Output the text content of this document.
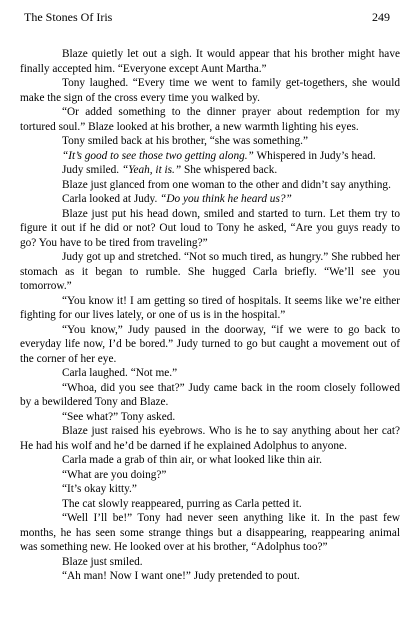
The Stones Of Iris	249

Blaze quietly let out a sigh. It would appear that his brother might have finally accepted him. “Everyone except Aunt Martha.”

Tony laughed. “Every time we went to family get-togethers, she would make the sign of the cross every time you walked by.

“Or added something to the dinner prayer about redemption for my tortured soul.” Blaze looked at his brother, a new warmth lighting his eyes.

Tony smiled back at his brother, “she was something.”

“It’s good to see those two getting along.” Whispered in Judy’s head.

Judy smiled. “Yeah, it is.” She whispered back.

Blaze just glanced from one woman to the other and didn’t say anything.

Carla looked at Judy. “Do you think he heard us?”

Blaze just put his head down, smiled and started to turn. Let them try to figure it out if he did or not? Out loud to Tony he asked, “Are you guys ready to go? You have to be tired from traveling?”

Judy got up and stretched. “Not so much tired, as hungry.” She rubbed her stomach as it began to rumble. She hugged Carla briefly. “We’ll see you tomorrow.”

“You know it! I am getting so tired of hospitals. It seems like we’re either fighting for our lives lately, or one of us is in the hospital.”

“You know,” Judy paused in the doorway, “if we were to go back to everyday life now, I’d be bored.” Judy turned to go but caught a movement out of the corner of her eye.

Carla laughed. “Not me.”

“Whoa, did you see that?” Judy came back in the room closely followed by a bewildered Tony and Blaze.

“See what?” Tony asked.

Blaze just raised his eyebrows. Who is he to say anything about her cat? He had his wolf and he’d be darned if he explained Adolphus to anyone.

Carla made a grab of thin air, or what looked like thin air.

“What are you doing?”

“It’s okay kitty.”

The cat slowly reappeared, purring as Carla petted it.

“Well I’ll be!” Tony had never seen anything like it. In the past few months, he has seen some strange things but a disappearing, reappearing animal was something new. He looked over at his brother, “Adolphus too?”

Blaze just smiled.

“Ah man! Now I want one!” Judy pretended to pout.
